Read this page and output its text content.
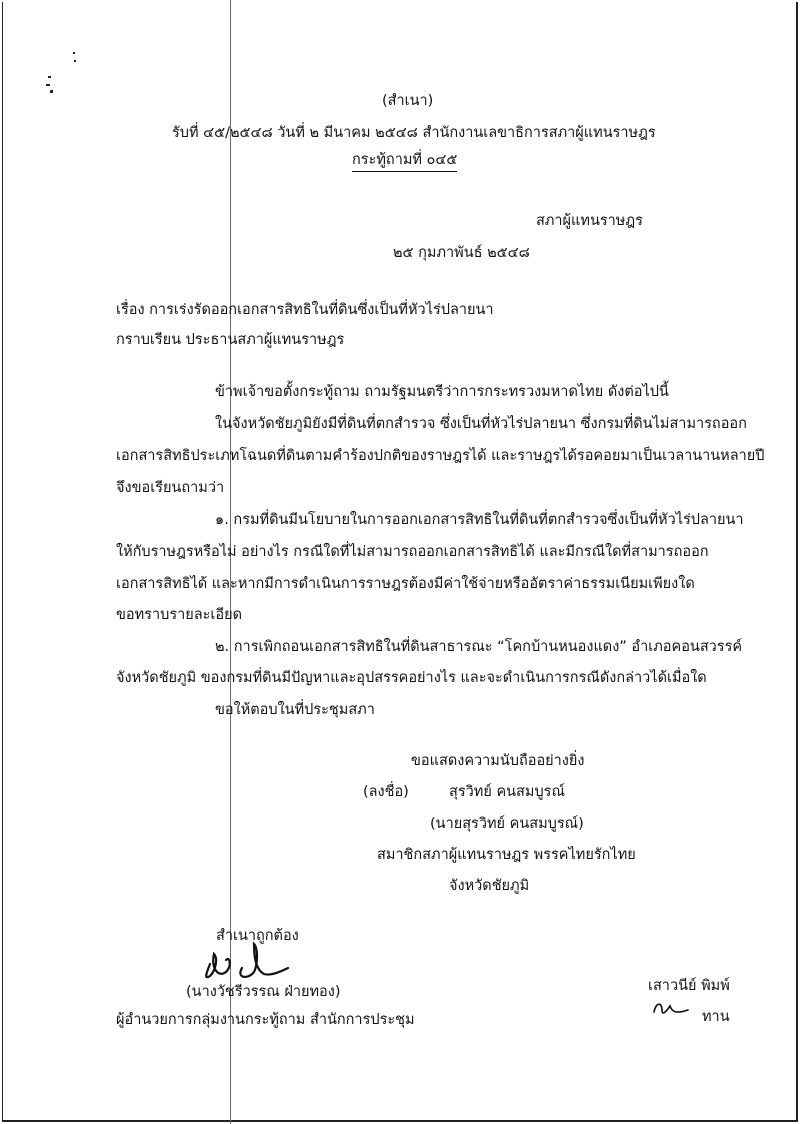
(สำเนา)
รับที่ ๔๕/๒๕๔๘ วันที่ ๒ มีนาคม ๒๕๔๘ สำนักงานเลขาธิการสภาผู้แทนราษฎร
กระทู้ถามที่ ๐๔๕
สภาผู้แทนราษฎร
๒๕ กุมภาพันธ์ ๒๕๔๘
เรื่อง การเร่งรัดออกเอกสารสิทธิในที่ดินซึ่งเป็นที่หัวไร่ปลายนา
กราบเรียน ประธานสภาผู้แทนราษฎร
ข้าพเจ้าขอตั้งกระทู้ถาม ถามรัฐมนตรีว่าการกระทรวงมหาดไทย ดังต่อไปนี้
ในจังหวัดชัยภูมิยังมีที่ดินที่ตกสำรวจ ซึ่งเป็นที่หัวไร่ปลายนา ซึ่งกรมที่ดินไม่สามารถออก
เอกสารสิทธิประเภทโฉนดที่ดินตามคำร้องปกติของราษฎรได้ และราษฎรได้รอคอยมาเป็นเวลานานหลายปี
จึงขอเรียนถามว่า
๑. กรมที่ดินมีนโยบายในการออกเอกสารสิทธิในที่ดินที่ตกสำรวจซึ่งเป็นที่หัวไร่ปลายนา
ให้กับราษฎรหรือไม่ อย่างไร กรณีใดที่ไม่สามารถออกเอกสารสิทธิได้ และมีกรณีใดที่สามารถออก
เอกสารสิทธิได้ และหากมีการดำเนินการราษฎรต้องมีค่าใช้จ่ายหรืออัตราค่าธรรมเนียมเพียงใด
ขอทราบรายละเอียด
๒. การเพิกถอนเอกสารสิทธิในที่ดินสาธารณะ “โคกบ้านหนองแดง” อำเภอคอนสวรรค์
จังหวัดชัยภูมิ ของกรมที่ดินมีปัญหาและอุปสรรคอย่างไร และจะดำเนินการกรณีดังกล่าวได้เมื่อใด
ขอให้ตอบในที่ประชุมสภา
ขอแสดงความนับถืออย่างยิ่ง
(ลงชื่อ)	สุรวิทย์ คนสมบูรณ์
(นายสุรวิทย์ คนสมบูรณ์)
สมาชิกสภาผู้แทนราษฎร พรรคไทยรักไทย
จังหวัดชัยภูมิ
สำเนาถูกต้อง
(นางวัชรีวรรณ ฝ่ายทอง)
ผู้อำนวยการกลุ่มงานกระทู้ถาม สำนักการประชุม
เสาวนีย์ พิมพ์
ทาน
